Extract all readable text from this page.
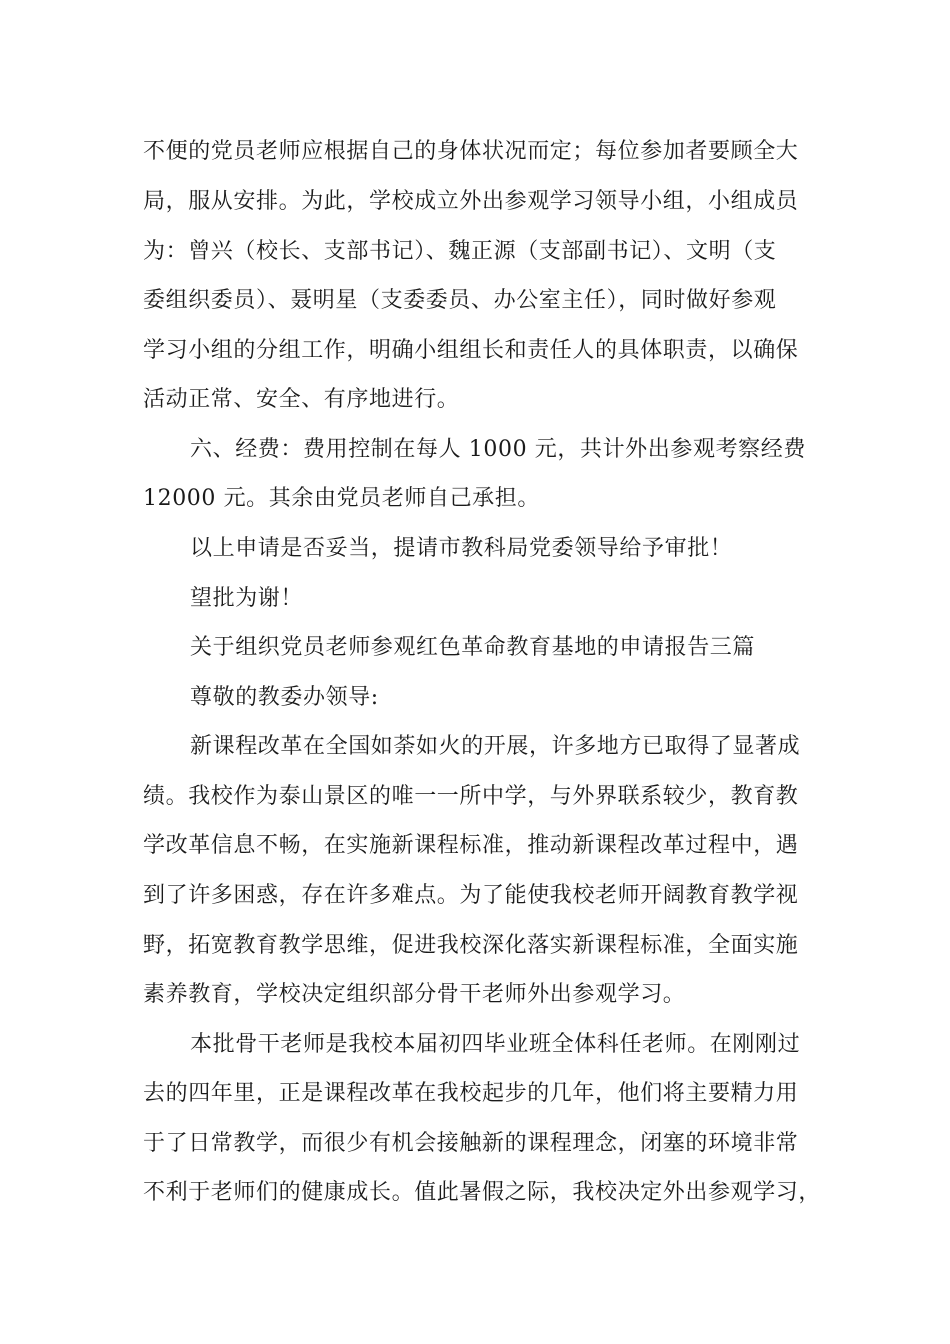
不便的党员老师应根据自己的身体状况而定；每位参加者要顾全大
局，服从安排。为此，学校成立外出参观学习领导小组，小组成员
为：曾兴（校长、支部书记）、魏正源（支部副书记）、文明（支
委组织委员）、聂明星（支委委员、办公室主任），同时做好参观
学习小组的分组工作，明确小组组长和责任人的具体职责，以确保
活动正常、安全、有序地进行。
六、经费：费用控制在每人 1000 元，共计外出参观考察经费
12000 元。其余由党员老师自己承担。
以上申请是否妥当，提请市教科局党委领导给予审批！
望批为谢！
关于组织党员老师参观红色革命教育基地的申请报告三篇
尊敬的教委办领导:
新课程改革在全国如荼如火的开展，许多地方已取得了显著成
绩。我校作为泰山景区的唯一一所中学，与外界联系较少，教育教
学改革信息不畅，在实施新课程标准，推动新课程改革过程中，遇
到了许多困惑，存在许多难点。为了能使我校老师开阔教育教学视
野，拓宽教育教学思维，促进我校深化落实新课程标准，全面实施
素养教育，学校决定组织部分骨干老师外出参观学习。
本批骨干老师是我校本届初四毕业班全体科任老师。在刚刚过
去的四年里，正是课程改革在我校起步的几年，他们将主要精力用
于了日常教学，而很少有机会接触新的课程理念，闭塞的环境非常
不利于老师们的健康成长。值此暑假之际，我校决定外出参观学习，
